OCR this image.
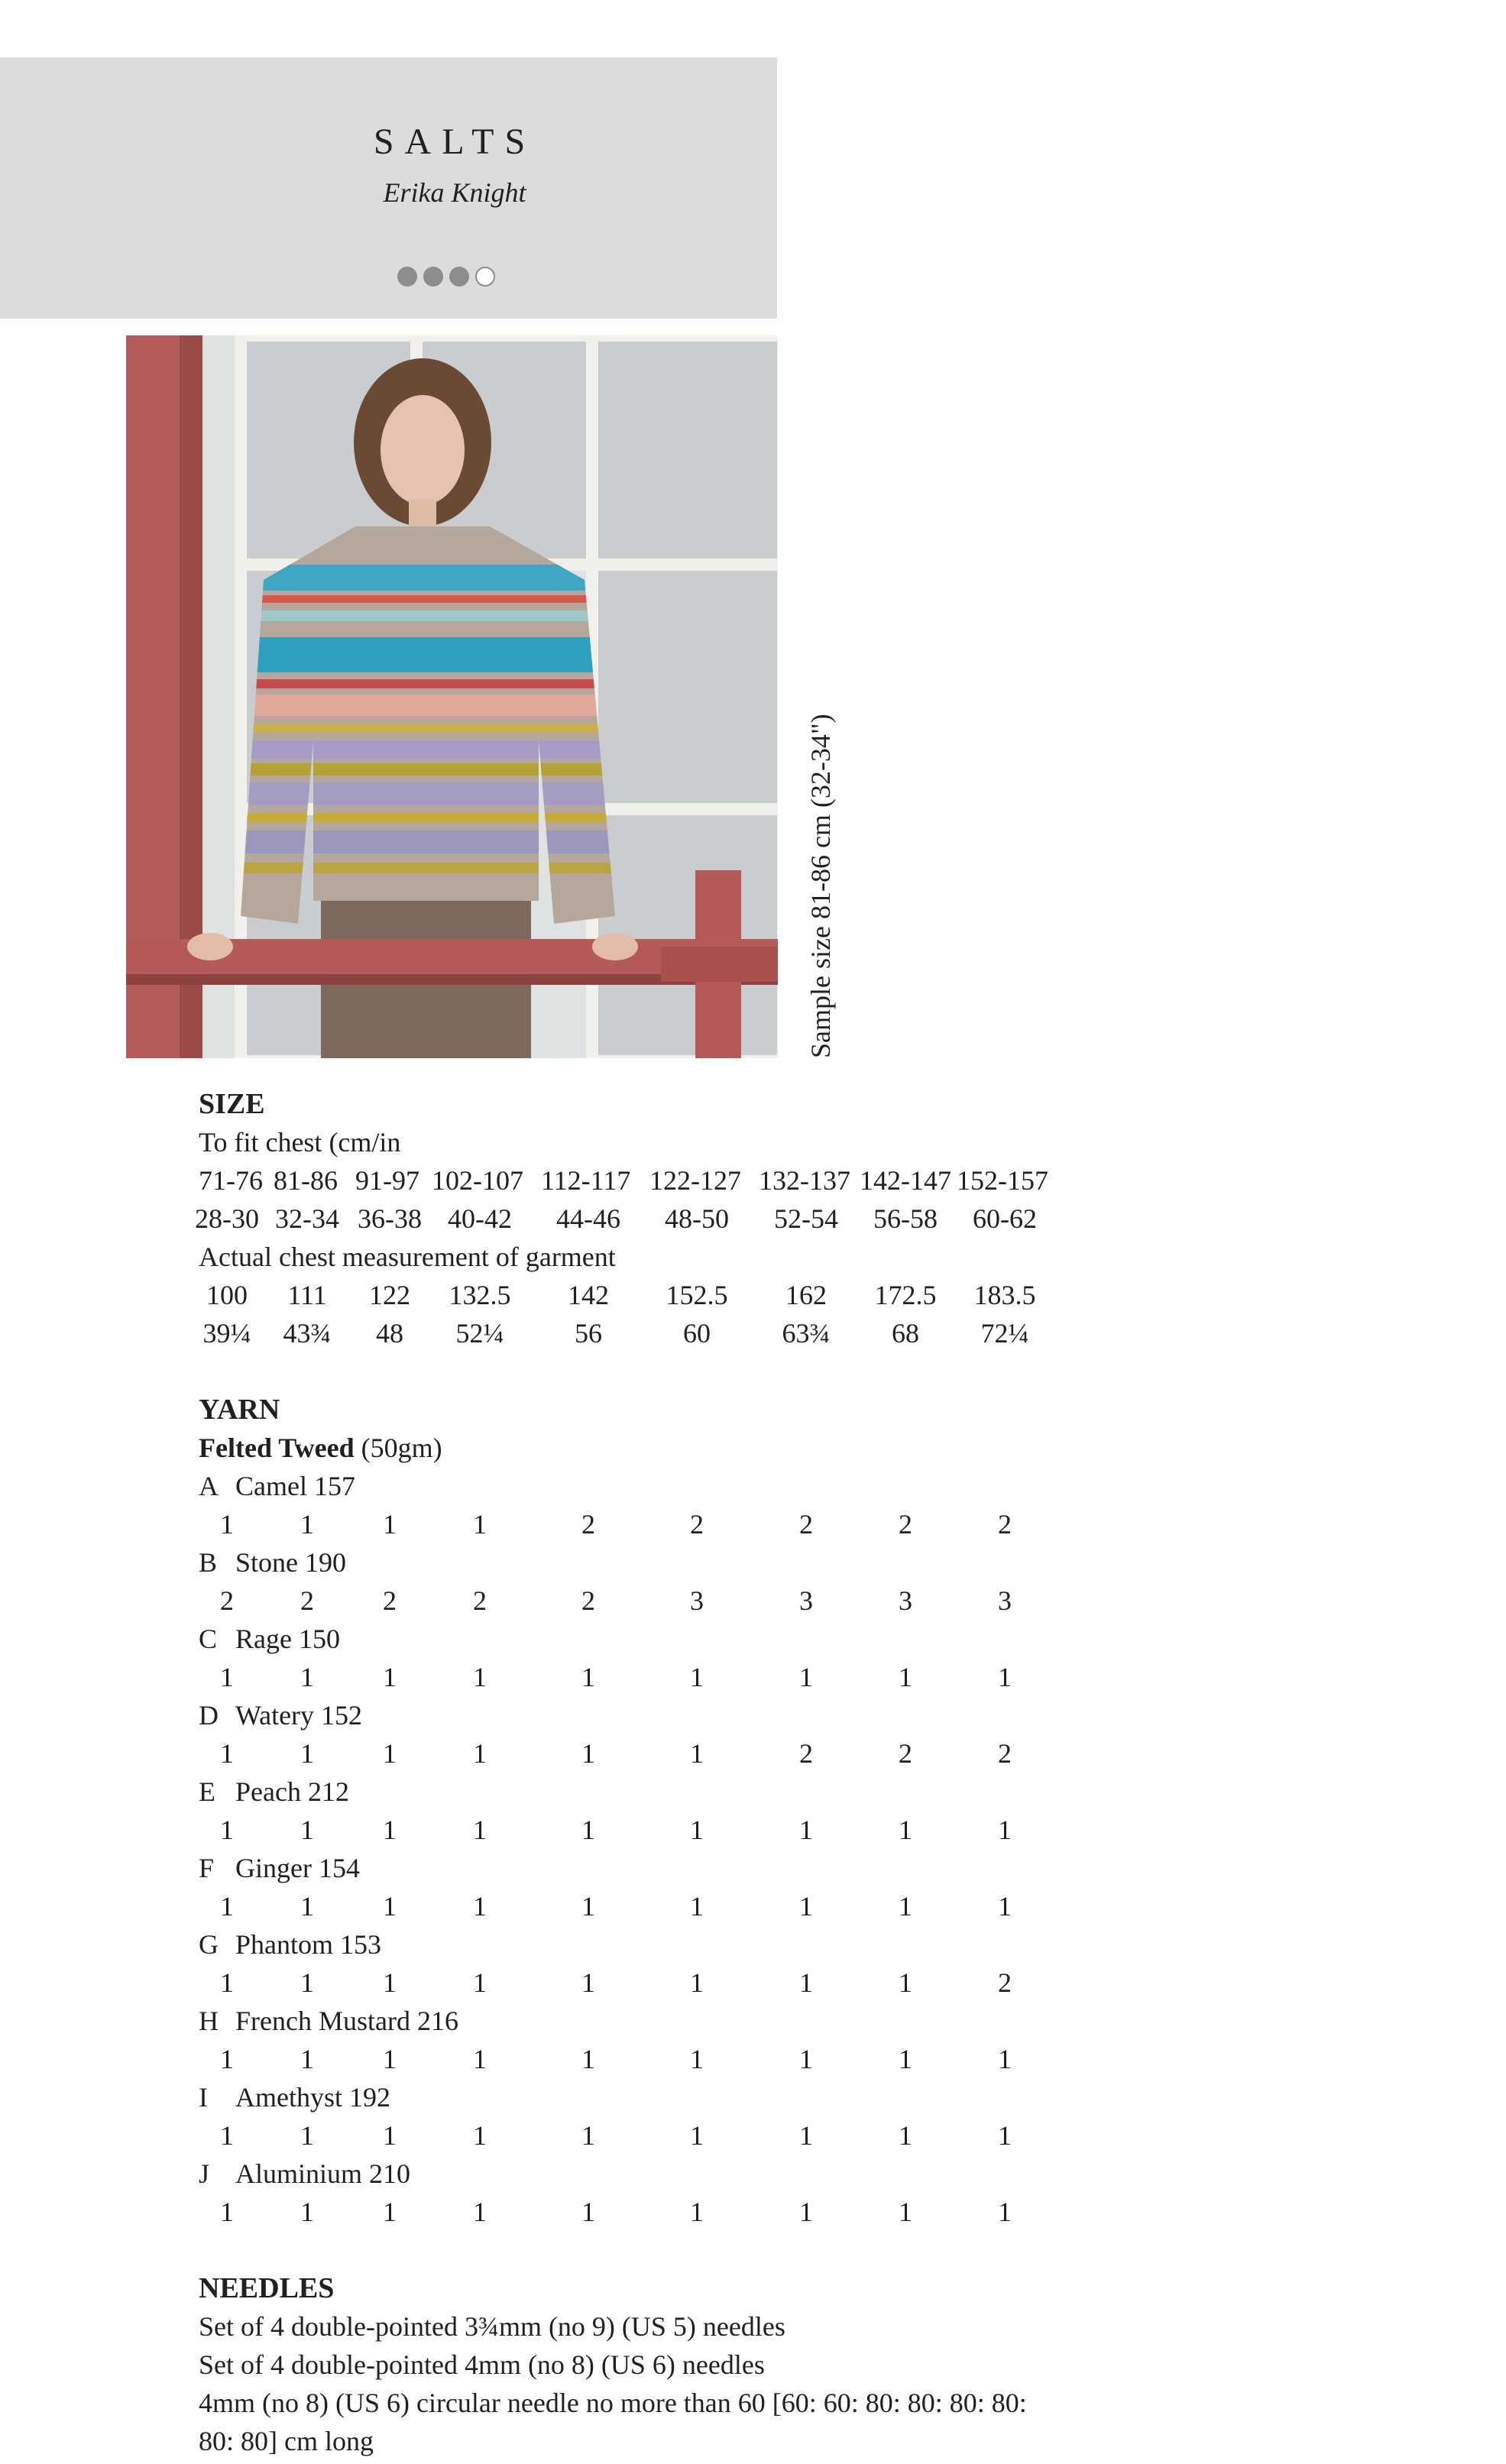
SALTS
Erika Knight
Sample size 81-86 cm (32-34")
SIZE
To fit chest (cm/in
71-76 81-86 91-97 102-107 112-117 122-127 132-137 142-147 152-157
28-30 32-34 36-38 40-42 44-46 48-50 52-54 56-58 60-62
Actual chest measurement of garment
100 111 122 132.5 142 152.5 162 172.5 183.5
39¼ 43¾ 48 52¼	56	60	63¾ 68 72¼
YARN
Felted Tweed (50gm)
A Camel 157
1 1	1	1	2	2	2	2	2
B Stone 190
2 2	2	2	2	3	3	3	3
C Rage 150
1 1	1	1	1	1	1	1	1
D Watery 152
1 1	1	1	1	1	2	2	2
E Peach 212
1 1	1	1	1	1	1	1	1
F Ginger 154
1 1	1	1	1	1	1	1	1
G Phantom 153
1 1	1	1	1	1	1	1	2
H French Mustard 216
1 1	1	1	1	1	1	1	1
I Amethyst 192
1 1	1	1	1	1	1	1	1
J Aluminium 210
1 1	1	1	1	1	1	1	1
NEEDLES
Set of 4 double-pointed 3¾mm (no 9) (US 5) needles
Set of 4 double-pointed 4mm (no 8) (US 6) needles
4mm (no 8) (US 6) circular needle no more than 60 [60: 60: 80: 80: 80: 80:
80: 80] cm long
